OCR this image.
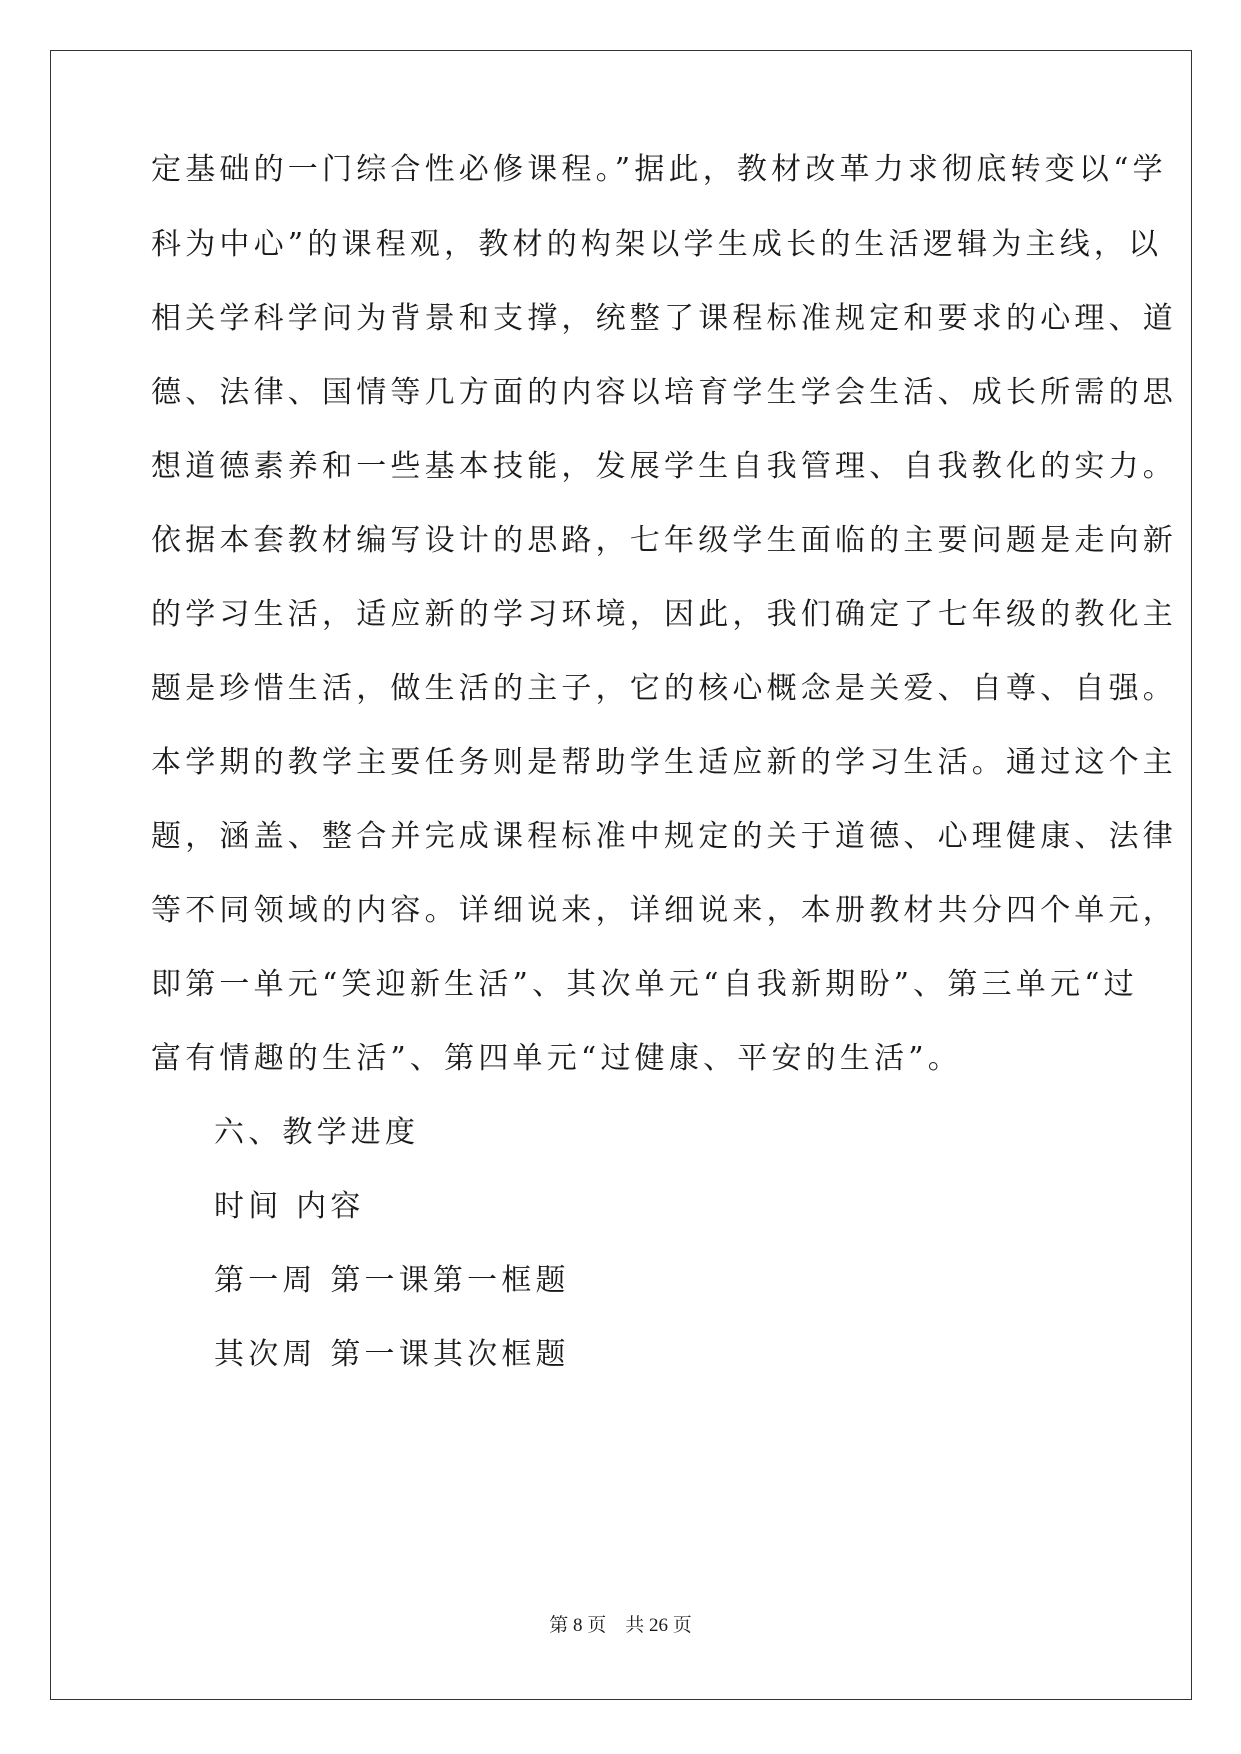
定基础的一门综合性必修课程。”据此，教材改革力求彻底转变以“学
科为中心”的课程观，教材的构架以学生成长的生活逻辑为主线，以
相关学科学问为背景和支撑，统整了课程标准规定和要求的心理、道
德、法律、国情等几方面的内容以培育学生学会生活、成长所需的思
想道德素养和一些基本技能，发展学生自我管理、自我教化的实力。
依据本套教材编写设计的思路，七年级学生面临的主要问题是走向新
的学习生活，适应新的学习环境，因此，我们确定了七年级的教化主
题是珍惜生活，做生活的主子，它的核心概念是关爱、自尊、自强。
本学期的教学主要任务则是帮助学生适应新的学习生活。通过这个主
题，涵盖、整合并完成课程标准中规定的关于道德、心理健康、法律
等不同领域的内容。详细说来，详细说来，本册教材共分四个单元，
即第一单元“笑迎新生活”、其次单元“自我新期盼”、第三单元“过
富有情趣的生活”、第四单元“过健康、平安的生活”。
六、教学进度
时间 内容
第一周 第一课第一框题
其次周 第一课其次框题
第 8 页 共 26 页
